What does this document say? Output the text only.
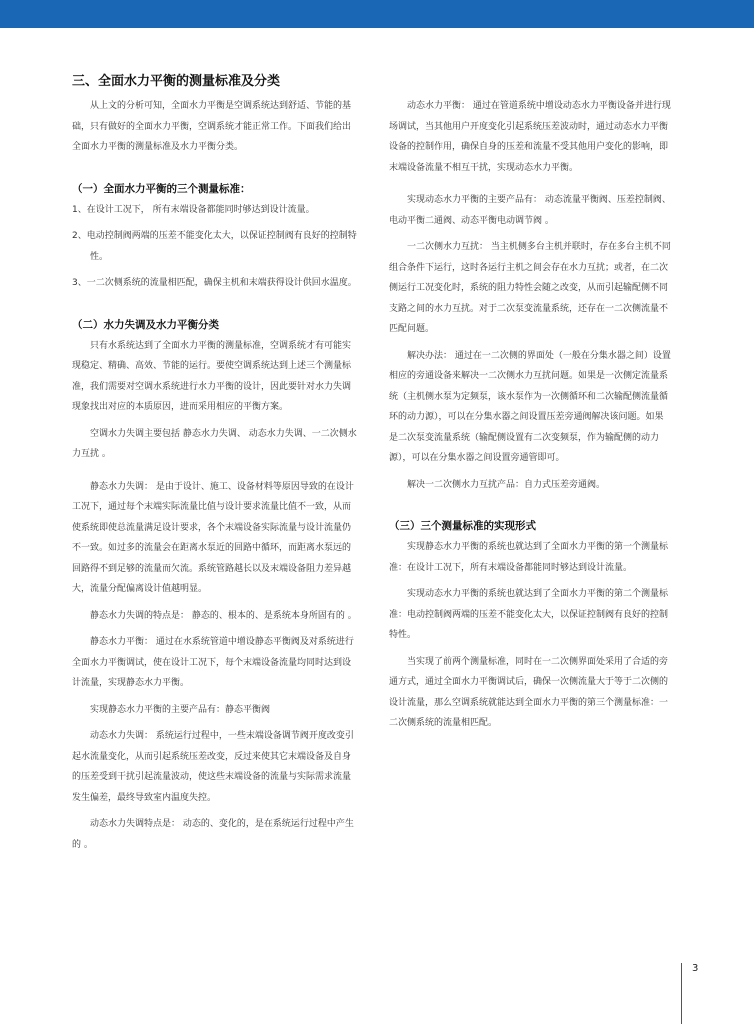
三、全面水力平衡的测量标准及分类

从上文的分析可知，全面水力平衡是空调系统达到舒适、节能的基础，只有做好的全面水力平衡，空调系统才能正常工作。下面我们给出全面水力平衡的测量标准及水力平衡分类。

（一）全面水力平衡的三个测量标准：

1、在设计工况下， 所有末端设备都能同时够达到设计流量。

2、电动控制阀两端的压差不能变化太大，以保证控制阀有良好的控制特性。

3、一二次侧系统的流量相匹配，确保主机和末端获得设计供回水温度。

（二）水力失调及水力平衡分类

只有水系统达到了全面水力平衡的测量标准，空调系统才有可能实现稳定、精确、高效、节能的运行。要使空调系统达到上述三个测量标准，我们需要对空调水系统进行水力平衡的设计，因此要针对水力失调现象找出对应的本质原因，进而采用相应的平衡方案。

空调水力失调主要包括 静态水力失调、 动态水力失调、一二次侧水力互扰 。

静态水力失调： 是由于设计、施工、设备材料等原因导致的在设计工况下，通过每个末端实际流量比值与设计要求流量比值不一致，从而使系统即使总流量满足设计要求，各个末端设备实际流量与设计流量仍不一致。如过多的流量会在距离水泵近的回路中循环，而距离水泵远的回路得不到足够的流量而欠流。系统管路越长以及末端设备阻力差异越大，流量分配偏离设计值越明显。

静态水力失调的特点是： 静态的、根本的、是系统本身所固有的 。

静态水力平衡： 通过在水系统管道中增设静态平衡阀及对系统进行全面水力平衡调试，使在设计工况下，每个末端设备流量均同时达到设计流量，实现静态水力平衡。

实现静态水力平衡的主要产品有：静态平衡阀

动态水力失调： 系统运行过程中，一些末端设备调节阀开度改变引起水流量变化，从而引起系统压差改变，反过来使其它末端设备及自身的压差受到干扰引起流量波动，使这些末端设备的流量与实际需求流量发生偏差，最终导致室内温度失控。

动态水力失调特点是： 动态的、变化的，是在系统运行过程中产生的 。

动态水力平衡： 通过在管道系统中增设动态水力平衡设备并进行现场调试，当其他用户开度变化引起系统压差波动时，通过动态水力平衡设备的控制作用，确保自身的压差和流量不受其他用户变化的影响，即末端设备流量不相互干扰，实现动态水力平衡。

实现动态水力平衡的主要产品有： 动态流量平衡阀、压差控制阀、电动平衡二通阀、动态平衡电动调节阀 。

一二次侧水力互扰： 当主机侧多台主机并联时，存在多台主机不同组合条件下运行，这时各运行主机之间会存在水力互扰；或者，在二次侧运行工况变化时，系统的阻力特性会随之改变，从而引起输配侧不同支路之间的水力互扰。对于二次泵变流量系统，还存在一二次侧流量不匹配问题。

解决办法： 通过在一二次侧的界面处（一般在分集水器之间）设置相应的旁通设备来解决一二次侧水力互扰问题。如果是一次侧定流量系统（主机侧水泵为定频泵，该水泵作为一次侧循环和二次输配侧流量循环的动力源），可以在分集水器之间设置压差旁通阀解决该问题。如果是二次泵变流量系统（输配侧设置有二次变频泵，作为输配侧的动力源），可以在分集水器之间设置旁通管即可。

解决一二次侧水力互扰产品：自力式压差旁通阀。

（三）三个测量标准的实现形式

实现静态水力平衡的系统也就达到了全面水力平衡的第一个测量标准：在设计工况下，所有末端设备都能同时够达到设计流量。

实现动态水力平衡的系统也就达到了全面水力平衡的第二个测量标准：电动控制阀两端的压差不能变化太大，以保证控制阀有良好的控制特性。

当实现了前两个测量标准，同时在一二次侧界面处采用了合适的旁通方式，通过全面水力平衡调试后，确保一次侧流量大于等于二次侧的设计流量，那么空调系统就能达到全面水力平衡的第三个测量标准：一二次侧系统的流量相匹配。

3
